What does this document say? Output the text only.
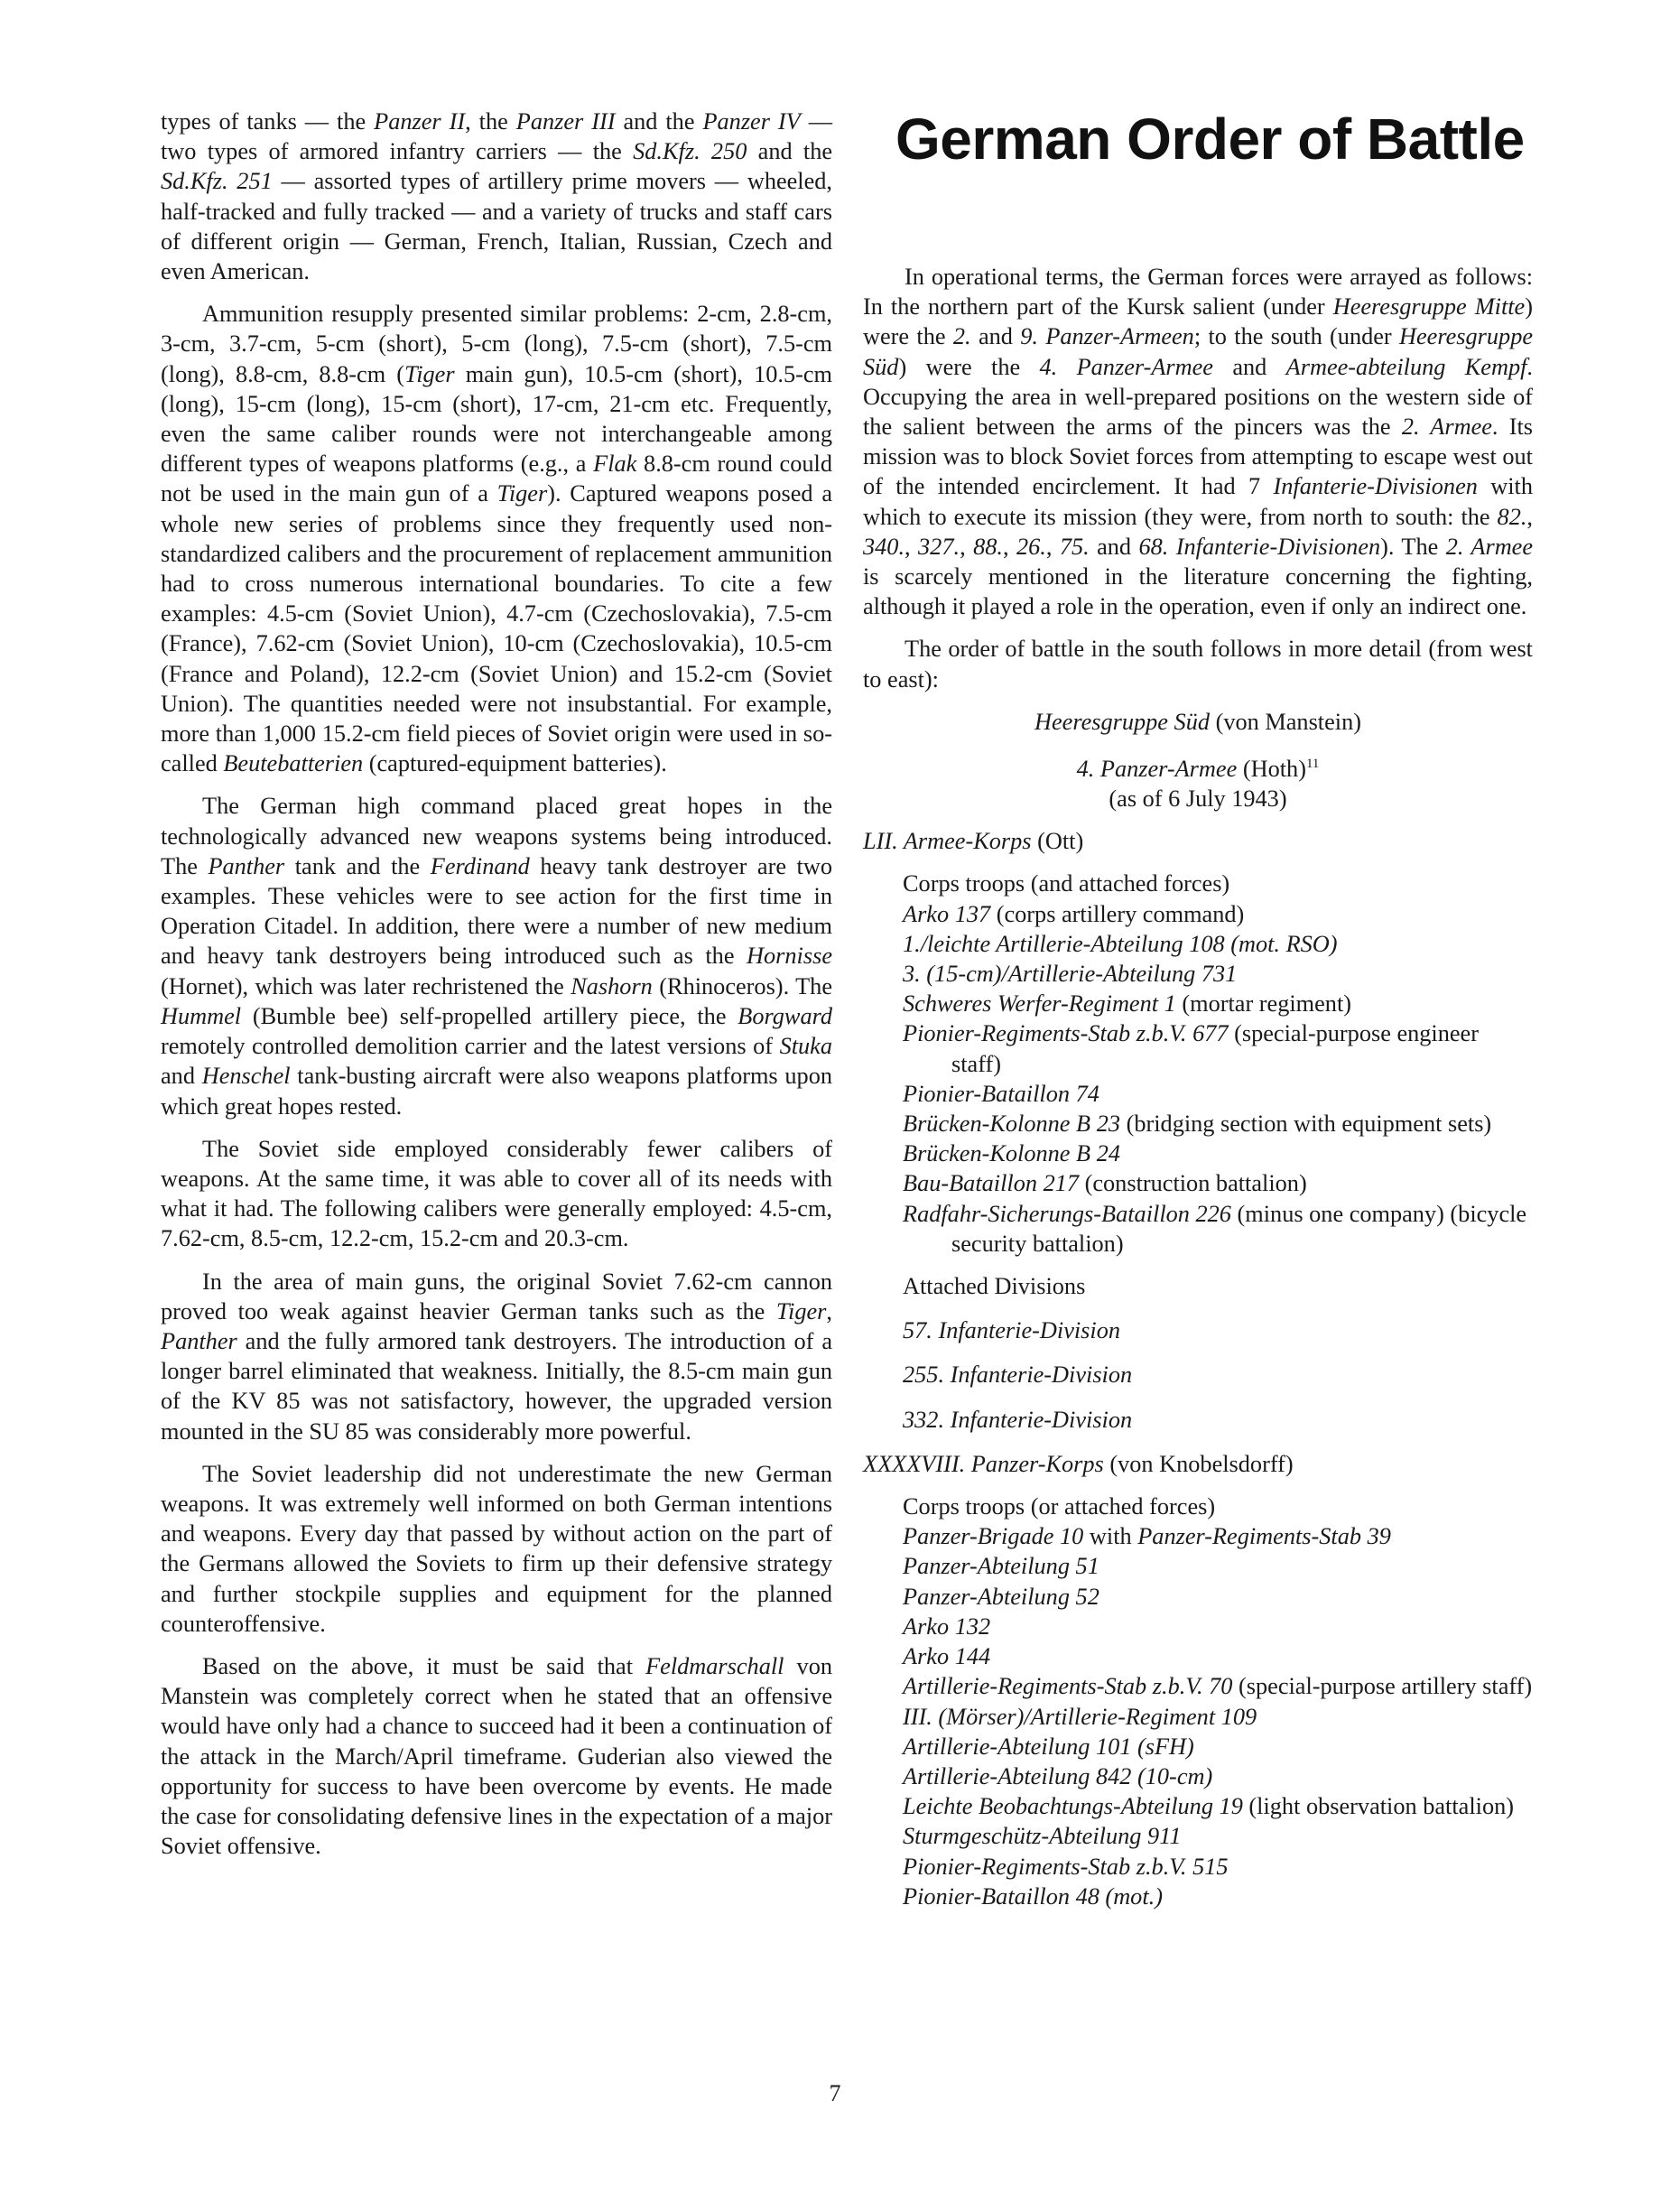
types of tanks — the Panzer II, the Panzer III and the Panzer IV — two types of armored infantry carriers — the Sd.Kfz. 250 and the Sd.Kfz. 251 — assorted types of artillery prime movers — wheeled, half-tracked and fully tracked — and a variety of trucks and staff cars of different origin — German, French, Italian, Russian, Czech and even American.

Ammunition resupply presented similar problems: 2-cm, 2.8-cm, 3-cm, 3.7-cm, 5-cm (short), 5-cm (long), 7.5-cm (short), 7.5-cm (long), 8.8-cm, 8.8-cm (Tiger main gun), 10.5-cm (short), 10.5-cm (long), 15-cm (long), 15-cm (short), 17-cm, 21-cm etc. Frequently, even the same caliber rounds were not interchangeable among different types of weapons platforms (e.g., a Flak 8.8-cm round could not be used in the main gun of a Tiger). Captured weapons posed a whole new series of problems since they frequently used non-standardized calibers and the procurement of replacement ammunition had to cross numerous international boundaries. To cite a few examples: 4.5-cm (Soviet Union), 4.7-cm (Czechoslovakia), 7.5-cm (France), 7.62-cm (Soviet Union), 10-cm (Czechoslovakia), 10.5-cm (France and Poland), 12.2-cm (Soviet Union) and 15.2-cm (Soviet Union). The quantities needed were not insubstantial. For example, more than 1,000 15.2-cm field pieces of Soviet origin were used in so-called Beutebatterien (captured-equipment batteries).

The German high command placed great hopes in the technologically advanced new weapons systems being introduced. The Panther tank and the Ferdinand heavy tank destroyer are two examples. These vehicles were to see action for the first time in Operation Citadel. In addition, there were a number of new medium and heavy tank destroyers being introduced such as the Hornisse (Hornet), which was later rechristened the Nashorn (Rhinoceros). The Hummel (Bumble bee) self-propelled artillery piece, the Borgward remotely controlled demolition carrier and the latest versions of Stuka and Henschel tank-busting aircraft were also weapons platforms upon which great hopes rested.

The Soviet side employed considerably fewer calibers of weapons. At the same time, it was able to cover all of its needs with what it had. The following calibers were generally employed: 4.5-cm, 7.62-cm, 8.5-cm, 12.2-cm, 15.2-cm and 20.3-cm.

In the area of main guns, the original Soviet 7.62-cm cannon proved too weak against heavier German tanks such as the Tiger, Panther and the fully armored tank destroyers. The introduction of a longer barrel eliminated that weakness. Initially, the 8.5-cm main gun of the KV 85 was not satisfactory, however, the upgraded version mounted in the SU 85 was considerably more powerful.

The Soviet leadership did not underestimate the new German weapons. It was extremely well informed on both German intentions and weapons. Every day that passed by without action on the part of the Germans allowed the Soviets to firm up their defensive strategy and further stockpile supplies and equipment for the planned counteroffensive.

Based on the above, it must be said that Feldmarschall von Manstein was completely correct when he stated that an offensive would have only had a chance to succeed had it been a continuation of the attack in the March/April timeframe. Guderian also viewed the opportunity for success to have been overcome by events. He made the case for consolidating defensive lines in the expectation of a major Soviet offensive.

German Order of Battle

In operational terms, the German forces were arrayed as follows: In the northern part of the Kursk salient (under Heeresgruppe Mitte) were the 2. and 9. Panzer-Armeen; to the south (under Heeresgruppe Süd) were the 4. Panzer-Armee and Armee-abteilung Kempf. Occupying the area in well-prepared positions on the western side of the salient between the arms of the pincers was the 2. Armee. Its mission was to block Soviet forces from attempting to escape west out of the intended encirclement. It had 7 Infanterie-Divisionen with which to execute its mission (they were, from north to south: the 82., 340., 327., 88., 26., 75. and 68. Infanterie-Divisionen). The 2. Armee is scarcely mentioned in the literature concerning the fighting, although it played a role in the operation, even if only an indirect one.

The order of battle in the south follows in more detail (from west to east):

Heeresgruppe Süd (von Manstein)
4. Panzer-Armee (Hoth)$^{11}$
(as of 6 July 1943)
LII. Armee-Korps (Ott)
Corps troops (and attached forces)
Arko 137 (corps artillery command)
1./leichte Artillerie-Abteilung 108 (mot. RSO)
3. (15-cm)/Artillerie-Abteilung 731
Schweres Werfer-Regiment 1 (mortar regiment)
Pionier-Regiments-Stab z.b.V. 677 (special-purpose engineer staff)
Pionier-Bataillon 74
Brücken-Kolonne B 23 (bridging section with equipment sets)
Brücken-Kolonne B 24
Bau-Bataillon 217 (construction battalion)
Radfahr-Sicherungs-Bataillon 226 (minus one company) (bicycle security battalion)
Attached Divisions
57. Infanterie-Division
255. Infanterie-Division
332. Infanterie-Division
XXXXVIII. Panzer-Korps (von Knobelsdorff)
Corps troops (or attached forces)
Panzer-Brigade 10 with Panzer-Regiments-Stab 39
Panzer-Abteilung 51
Panzer-Abteilung 52
Arko 132
Arko 144
Artillerie-Regiments-Stab z.b.V. 70 (special-purpose artillery staff)
III. (Mörser)/Artillerie-Regiment 109
Artillerie-Abteilung 101 (sFH)
Artillerie-Abteilung 842 (10-cm)
Leichte Beobachtungs-Abteilung 19 (light observation battalion)
Sturmgeschütz-Abteilung 911
Pionier-Regiments-Stab z.b.V. 515
Pionier-Bataillon 48 (mot.)
7
